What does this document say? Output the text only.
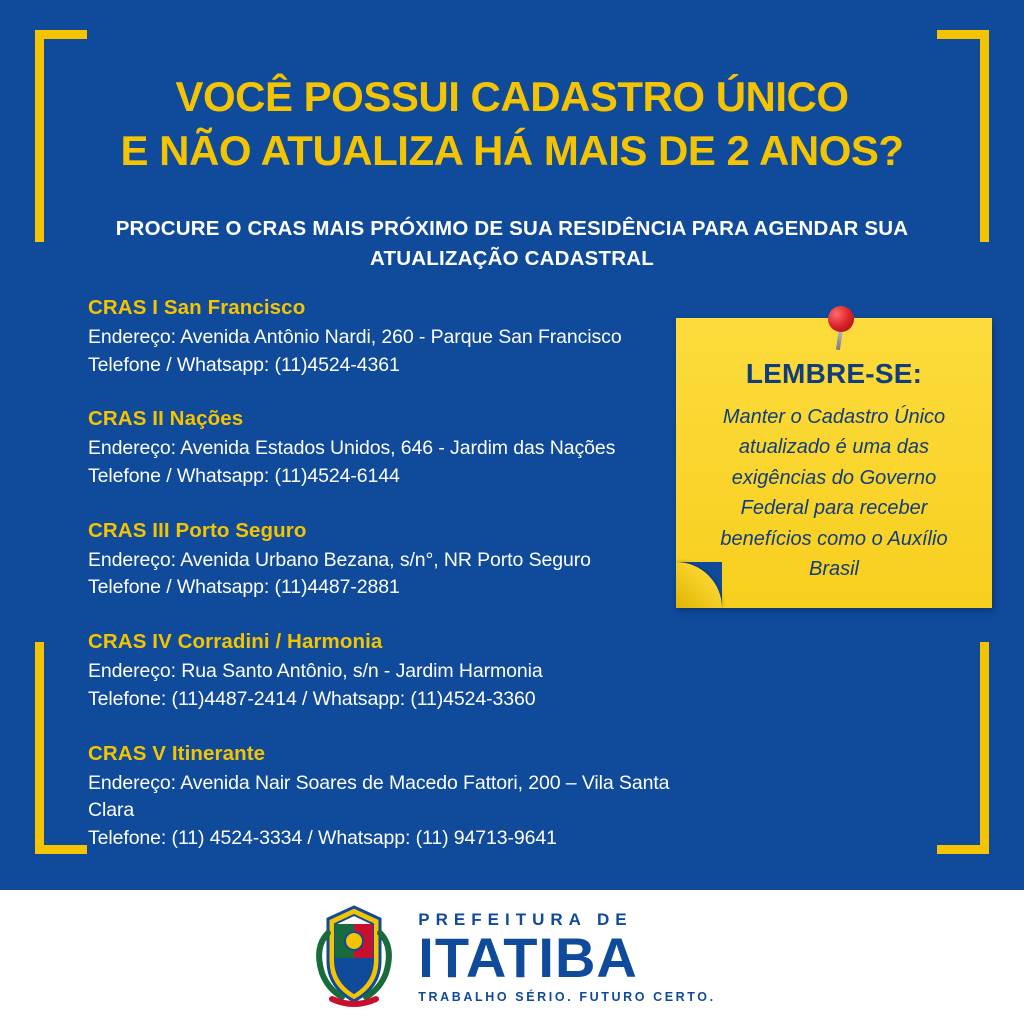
VOCÊ POSSUI CADASTRO ÚNICO
E NÃO ATUALIZA HÁ MAIS DE 2 ANOS?
PROCURE O CRAS MAIS PRÓXIMO DE SUA RESIDÊNCIA PARA AGENDAR SUA ATUALIZAÇÃO CADASTRAL
CRAS I San Francisco
Endereço: Avenida Antônio Nardi, 260 - Parque San Francisco
Telefone / Whatsapp: (11)4524-4361
CRAS II Nações
Endereço: Avenida Estados Unidos, 646 - Jardim das Nações
Telefone / Whatsapp: (11)4524-6144
CRAS III Porto Seguro
Endereço: Avenida Urbano Bezana, s/n°, NR Porto Seguro
Telefone / Whatsapp: (11)4487-2881
CRAS IV Corradini / Harmonia
Endereço: Rua Santo Antônio, s/n - Jardim Harmonia
Telefone: (11)4487-2414 / Whatsapp: (11)4524-3360
CRAS V Itinerante
Endereço: Avenida Nair Soares de Macedo Fattori, 200 – Vila Santa Clara
Telefone: (11) 4524-3334 / Whatsapp: (11) 94713-9641
LEMBRE-SE:
Manter o Cadastro Único atualizado é uma das exigências do Governo Federal para receber benefícios como o Auxílio Brasil
PREFEITURA DE
ITATIBA
TRABALHO SÉRIO. FUTURO CERTO.
